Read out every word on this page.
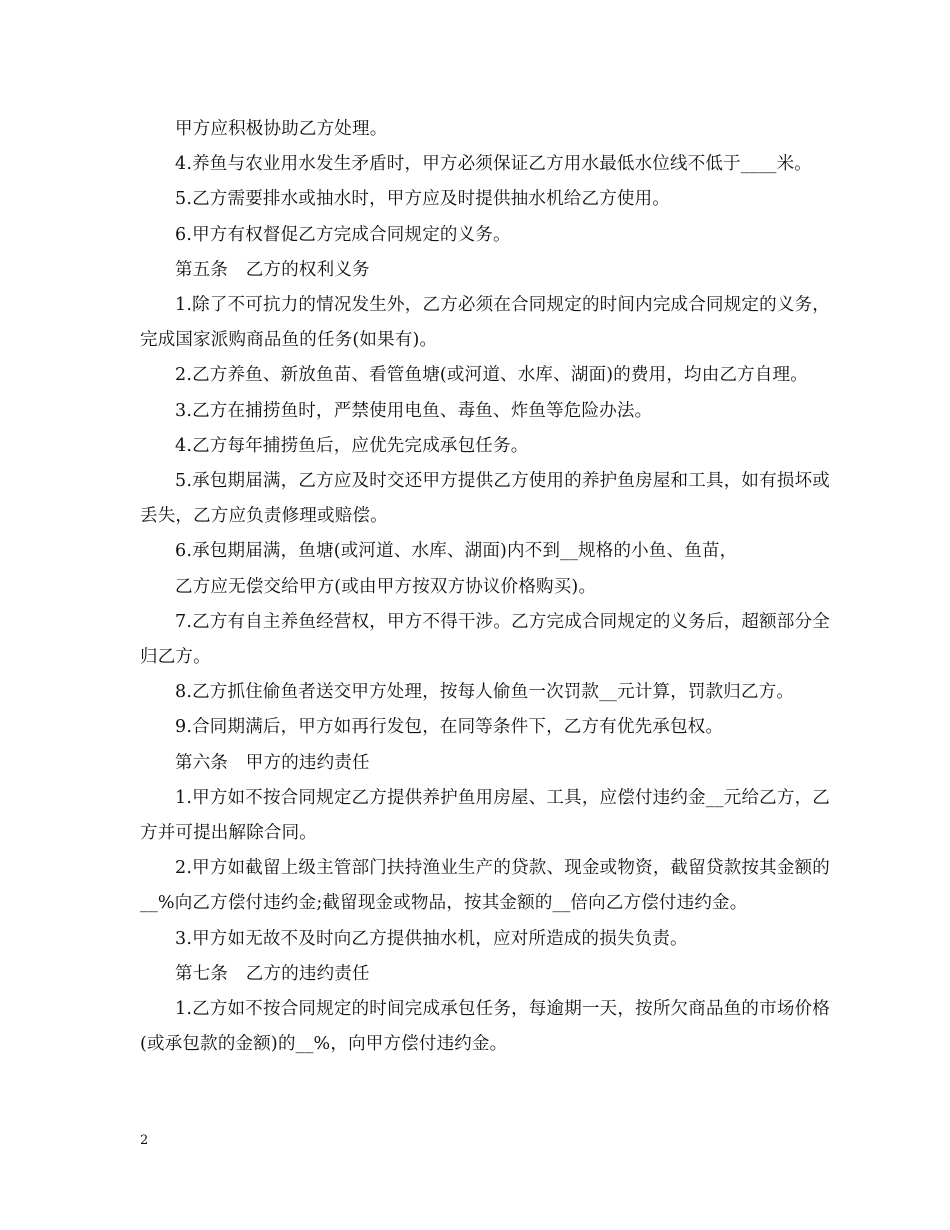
甲方应积极协助乙方处理。

4.养鱼与农业用水发生矛盾时，甲方必须保证乙方用水最低水位线不低于____米。

5.乙方需要排水或抽水时，甲方应及时提供抽水机给乙方使用。

6.甲方有权督促乙方完成合同规定的义务。

第五条　乙方的权利义务

1.除了不可抗力的情况发生外，乙方必须在合同规定的时间内完成合同规定的义务，完成国家派购商品鱼的任务(如果有)。

2.乙方养鱼、新放鱼苗、看管鱼塘(或河道、水库、湖面)的费用，均由乙方自理。

3.乙方在捕捞鱼时，严禁使用电鱼、毒鱼、炸鱼等危险办法。

4.乙方每年捕捞鱼后，应优先完成承包任务。

5.承包期届满，乙方应及时交还甲方提供乙方使用的养护鱼房屋和工具，如有损坏或丢失，乙方应负责修理或赔偿。

6.承包期届满，鱼塘(或河道、水库、湖面)内不到__规格的小鱼、鱼苗，

乙方应无偿交给甲方(或由甲方按双方协议价格购买)。

7.乙方有自主养鱼经营权，甲方不得干涉。乙方完成合同规定的义务后，超额部分全归乙方。

8.乙方抓住偷鱼者送交甲方处理，按每人偷鱼一次罚款__元计算，罚款归乙方。

9.合同期满后，甲方如再行发包，在同等条件下，乙方有优先承包权。

第六条　甲方的违约责任

1.甲方如不按合同规定乙方提供养护鱼用房屋、工具，应偿付违约金__元给乙方，乙方并可提出解除合同。

2.甲方如截留上级主管部门扶持渔业生产的贷款、现金或物资，截留贷款按其金额的__%向乙方偿付违约金;截留现金或物品，按其金额的__倍向乙方偿付违约金。

3.甲方如无故不及时向乙方提供抽水机，应对所造成的损失负责。

第七条　乙方的违约责任

1.乙方如不按合同规定的时间完成承包任务，每逾期一天，按所欠商品鱼的市场价格(或承包款的金额)的__%，向甲方偿付违约金。

2
